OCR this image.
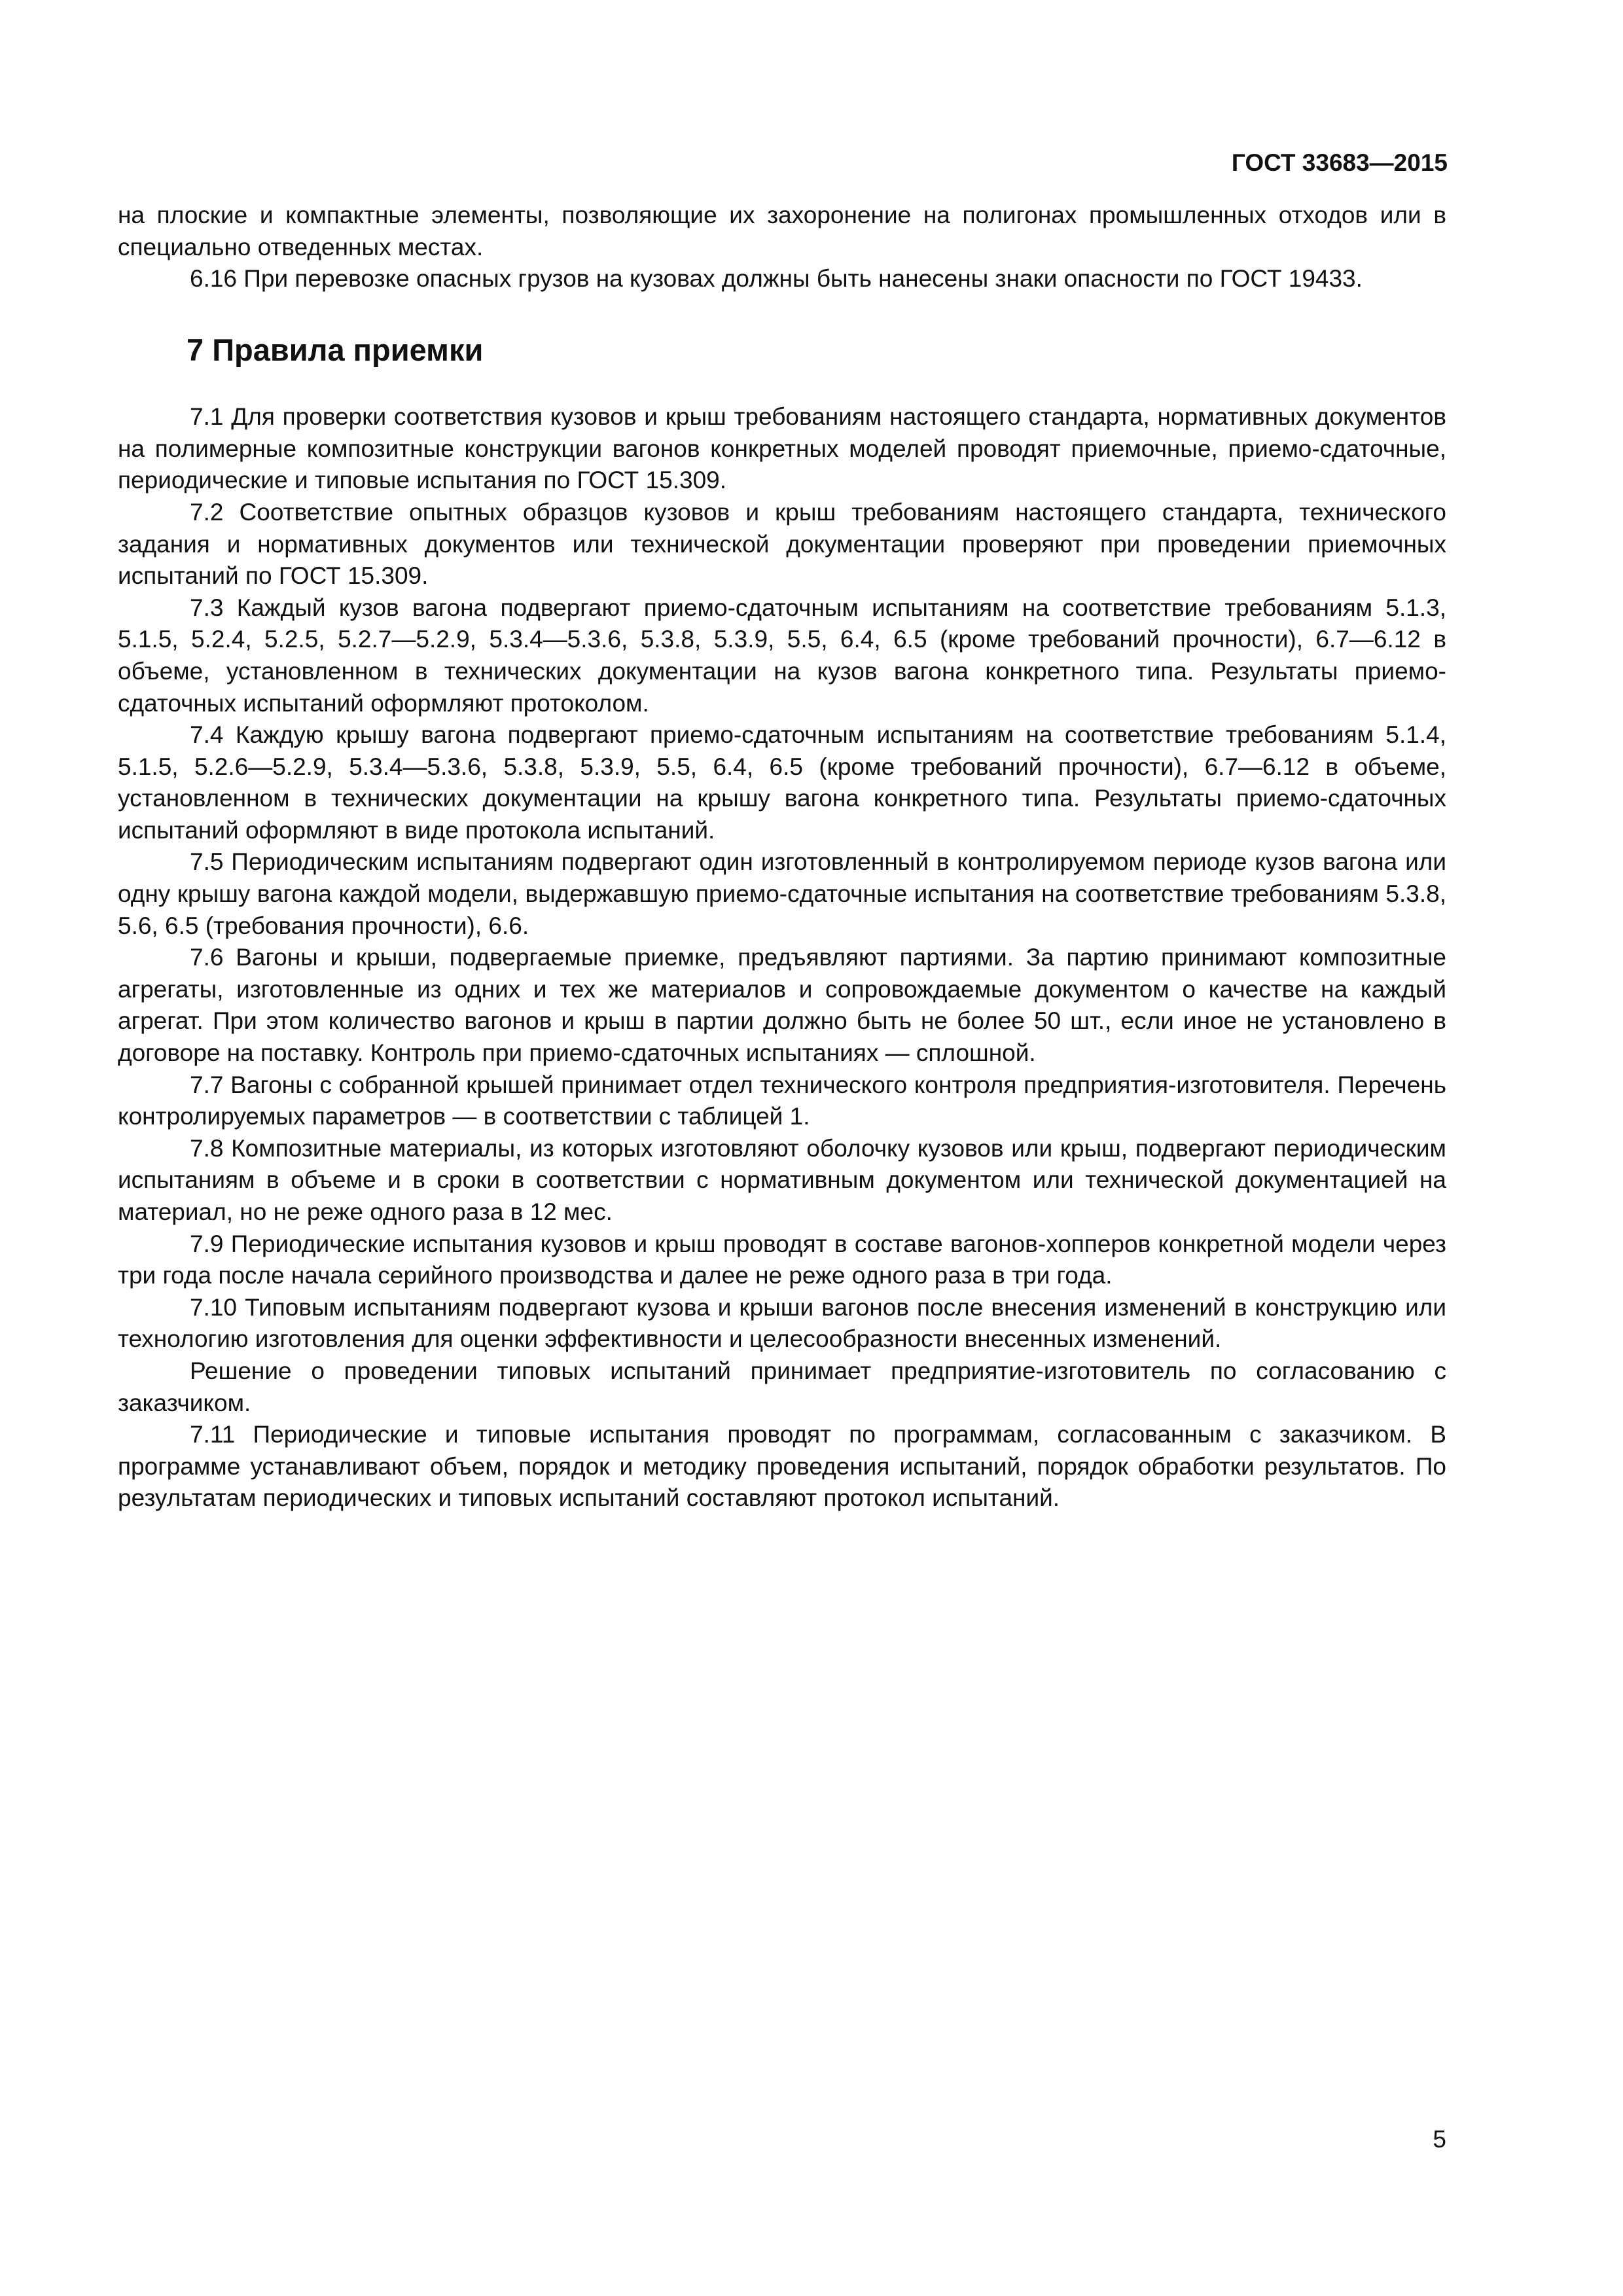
ГОСТ 33683—2015

на плоские и компактные элементы, позволяющие их захоронение на полигонах промышленных отходов или в специально отведенных местах.

6.16 При перевозке опасных грузов на кузовах должны быть нанесены знаки опасности по ГОСТ 19433.

7 Правила приемки

7.1 Для проверки соответствия кузовов и крыш требованиям настоящего стандарта, нормативных документов на полимерные композитные конструкции вагонов конкретных моделей проводят приемочные, приемо-сдаточные, периодические и типовые испытания по ГОСТ 15.309.

7.2 Соответствие опытных образцов кузовов и крыш требованиям настоящего стандарта, технического задания и нормативных документов или технической документации проверяют при проведении приемочных испытаний по ГОСТ 15.309.

7.3 Каждый кузов вагона подвергают приемо-сдаточным испытаниям на соответствие требованиям 5.1.3, 5.1.5, 5.2.4, 5.2.5, 5.2.7—5.2.9, 5.3.4—5.3.6, 5.3.8, 5.3.9, 5.5, 6.4, 6.5 (кроме требований прочности), 6.7—6.12 в объеме, установленном в технических документации на кузов вагона конкретного типа. Результаты приемо-сдаточных испытаний оформляют протоколом.

7.4 Каждую крышу вагона подвергают приемо-сдаточным испытаниям на соответствие требованиям 5.1.4, 5.1.5, 5.2.6—5.2.9, 5.3.4—5.3.6, 5.3.8, 5.3.9, 5.5, 6.4, 6.5 (кроме требований прочности), 6.7—6.12 в объеме, установленном в технических документации на крышу вагона конкретного типа. Результаты приемо-сдаточных испытаний оформляют в виде протокола испытаний.

7.5 Периодическим испытаниям подвергают один изготовленный в контролируемом периоде кузов вагона или одну крышу вагона каждой модели, выдержавшую приемо-сдаточные испытания на соответствие требованиям 5.3.8, 5.6, 6.5 (требования прочности), 6.6.

7.6 Вагоны и крыши, подвергаемые приемке, предъявляют партиями. За партию принимают композитные агрегаты, изготовленные из одних и тех же материалов и сопровождаемые документом о качестве на каждый агрегат. При этом количество вагонов и крыш в партии должно быть не более 50 шт., если иное не установлено в договоре на поставку. Контроль при приемо-сдаточных испытаниях — сплошной.

7.7 Вагоны с собранной крышей принимает отдел технического контроля предприятия-изготовителя. Перечень контролируемых параметров — в соответствии с таблицей 1.

7.8 Композитные материалы, из которых изготовляют оболочку кузовов или крыш, подвергают периодическим испытаниям в объеме и в сроки в соответствии с нормативным документом или технической документацией на материал, но не реже одного раза в 12 мес.

7.9 Периодические испытания кузовов и крыш проводят в составе вагонов-хопперов конкретной модели через три года после начала серийного производства и далее не реже одного раза в три года.

7.10 Типовым испытаниям подвергают кузова и крыши вагонов после внесения изменений в конструкцию или технологию изготовления для оценки эффективности и целесообразности внесенных изменений.

Решение о проведении типовых испытаний принимает предприятие-изготовитель по согласованию с заказчиком.

7.11 Периодические и типовые испытания проводят по программам, согласованным с заказчиком. В программе устанавливают объем, порядок и методику проведения испытаний, порядок обработки результатов. По результатам периодических и типовых испытаний составляют протокол испытаний.

5
